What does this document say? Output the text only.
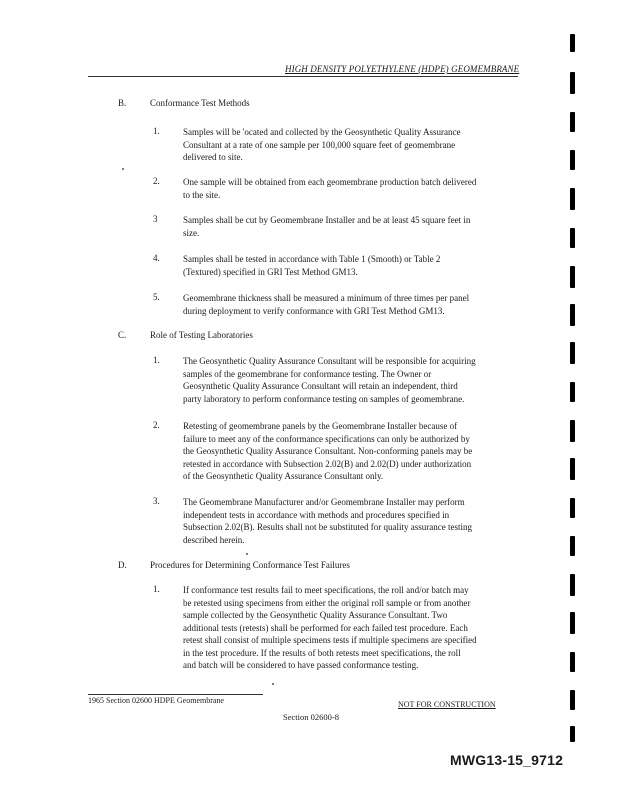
HIGH DENSITY POLYETHYLENE (HDPE) GEOMEMBRANE
B.	Conformance Test Methods
1.	Samples will be 'ocated and collected by the Geosynthetic Quality Assurance
Consultant at a rate of one sample per 100,000 square feet of geomembrane
delivered to site.
2.	One sample will be obtained from each geomembrane production batch delivered
to the site.
3	Samples shall be cut by Geomembrane Installer and be at least 45 square feet in
size.
4.	Samples shall be tested in accordance with Table 1 (Smooth) or Table 2
(Textured) specified in GRI Test Method GM13.
5.	Geomembrane thickness shall be measured a minimum of three times per panel
during deployment to verify conformance with GRI Test Method GM13.
C.	Role of Testing Laboratories
1.	The Geosynthetic Quality Assurance Consultant will be responsible for acquiring
samples of the geomembrane for conformance testing. The Owner or
Geosynthetic Quality Assurance Consultant will retain an independent, third
party laboratory to perform conformance testing on samples of geomembrane.
2.	Retesting of geomembrane panels by the Geomembrane Installer because of
failure to meet any of the conformance specifications can only be authorized by
the Geosynthetic Quality Assurance Consultant. Non-conforming panels may be
retested in accordance with Subsection 2.02(B) and 2.02(D) under authorization
of the Geosynthetic Quality Assurance Consultant only.
3.	The Geomembrane Manufacturer and/or Geomembrane Installer may perform
independent tests in accordance with methods and procedures specified in
Subsection 2.02(B). Results shall not be substituted for quality assurance testing
described herein.
D.	Procedures for Determining Conformance Test Failures
1.	If conformance test results fail to meet specifications, the roll and/or batch may
be retested using specimens from either the original roll sample or from another
sample collected by the Geosynthetic Quality Assurance Consultant. Two
additional tests (retests) shall be performed for each failed test procedure. Each
retest shall consist of multiple specimens tests if multiple specimens are specified
in the test procedure. If the results of both retests meet specifications, the roll
and batch will be considered to have passed conformance testing.
1965 Section 02600 HDPE Geomembrane	NOT FOR CONSTRUCTION
Section 02600-8
MWG13-15_9712
